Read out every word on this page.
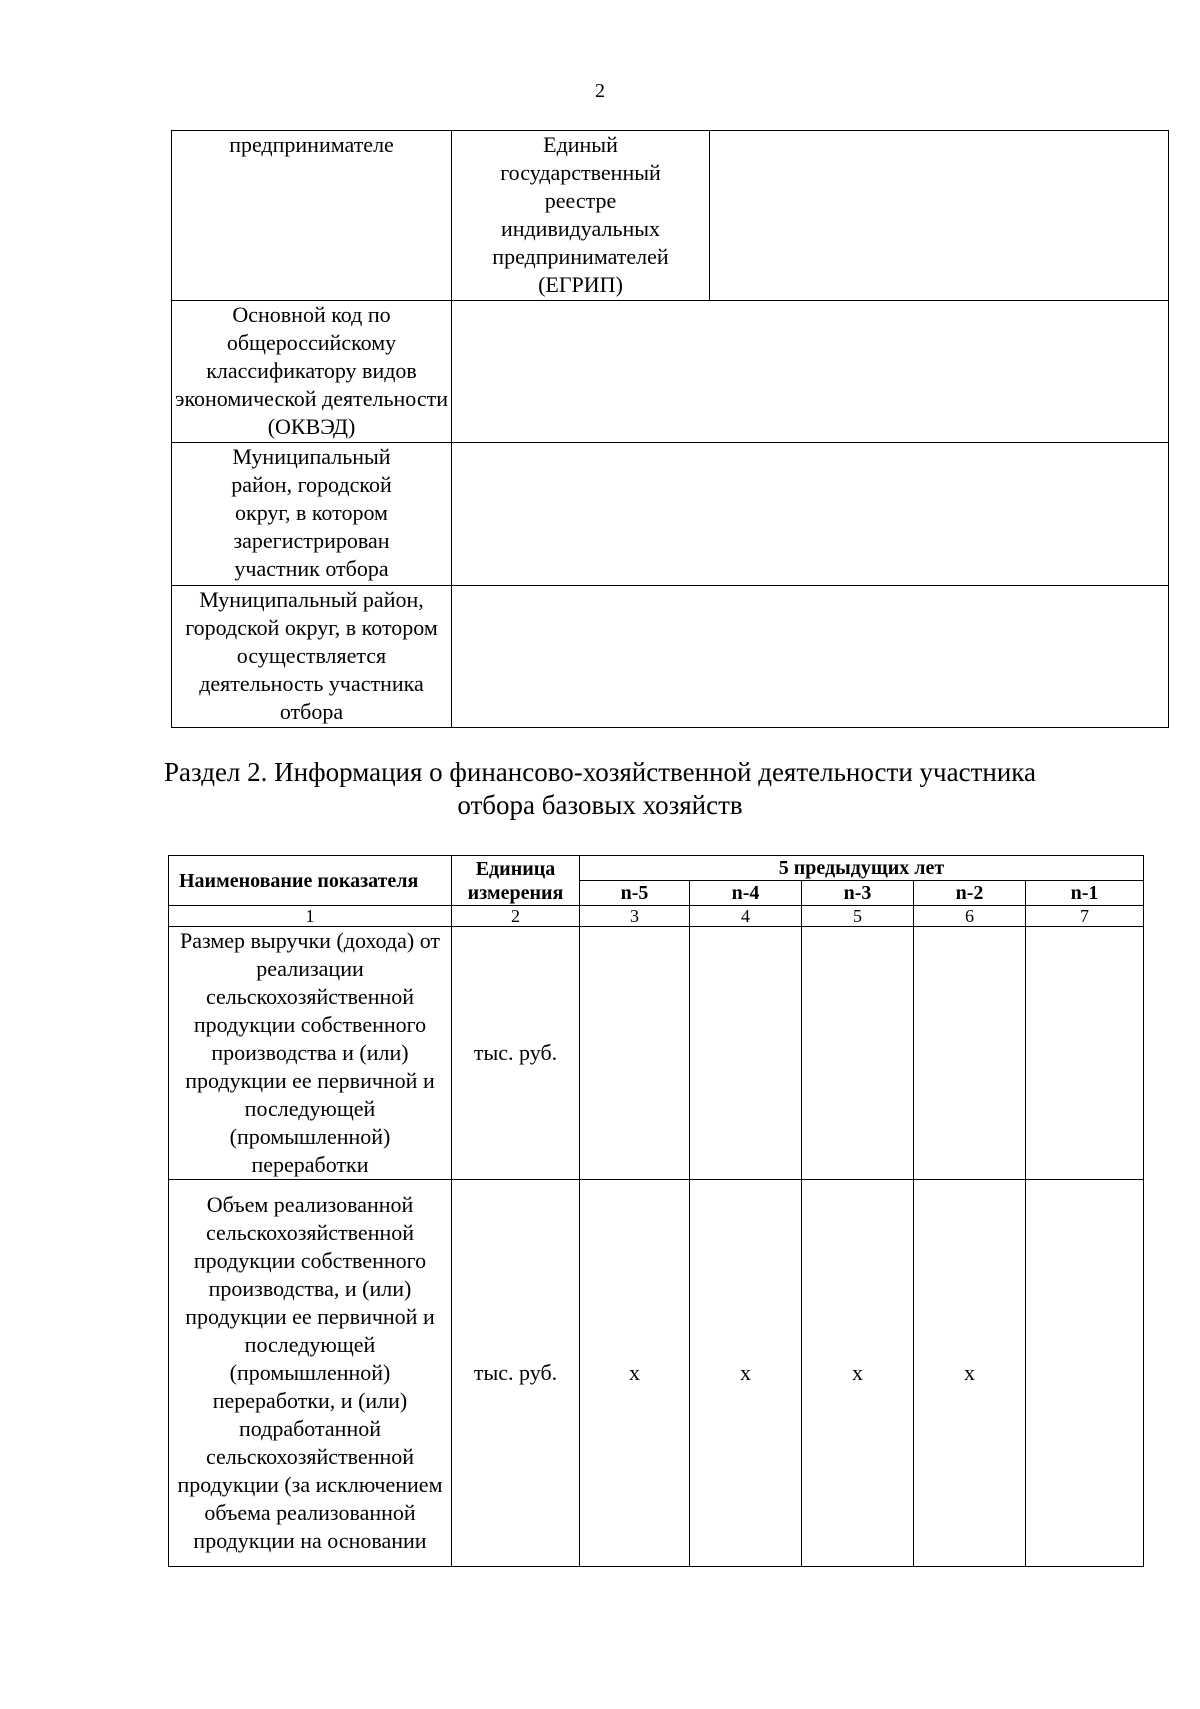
2
предпринимателе	Единый государственный реестре индивидуальных предпринимателей (ЕГРИП)	
Основной код по общероссийскому классификатору видов экономической деятельности (ОКВЭД)		
Муниципальный район, городской округ, в котором зарегистрирован участник отбора		
Муниципальный район, городской округ, в котором осуществляется деятельность участника отбора		
Раздел 2. Информация о финансово-хозяйственной деятельности участника отбора базовых хозяйств
Наименование показателя	Единица измерения	5 предыдущих лет				
		n-5	n-4	n-3	n-2	n-1
1	2	3	4	5	6	7
Размер выручки (дохода) от реализации сельскохозяйственной продукции собственного производства и (или) продукции ее первичной и последующей (промышленной) переработки	тыс. руб.					
Объем реализованной сельскохозяйственной продукции собственного производства, и (или) продукции ее первичной и последующей (промышленной) переработки, и (или) подработанной сельскохозяйственной продукции (за исключением объема реализованной продукции на основании	тыс. руб.	x	x	x	x	
